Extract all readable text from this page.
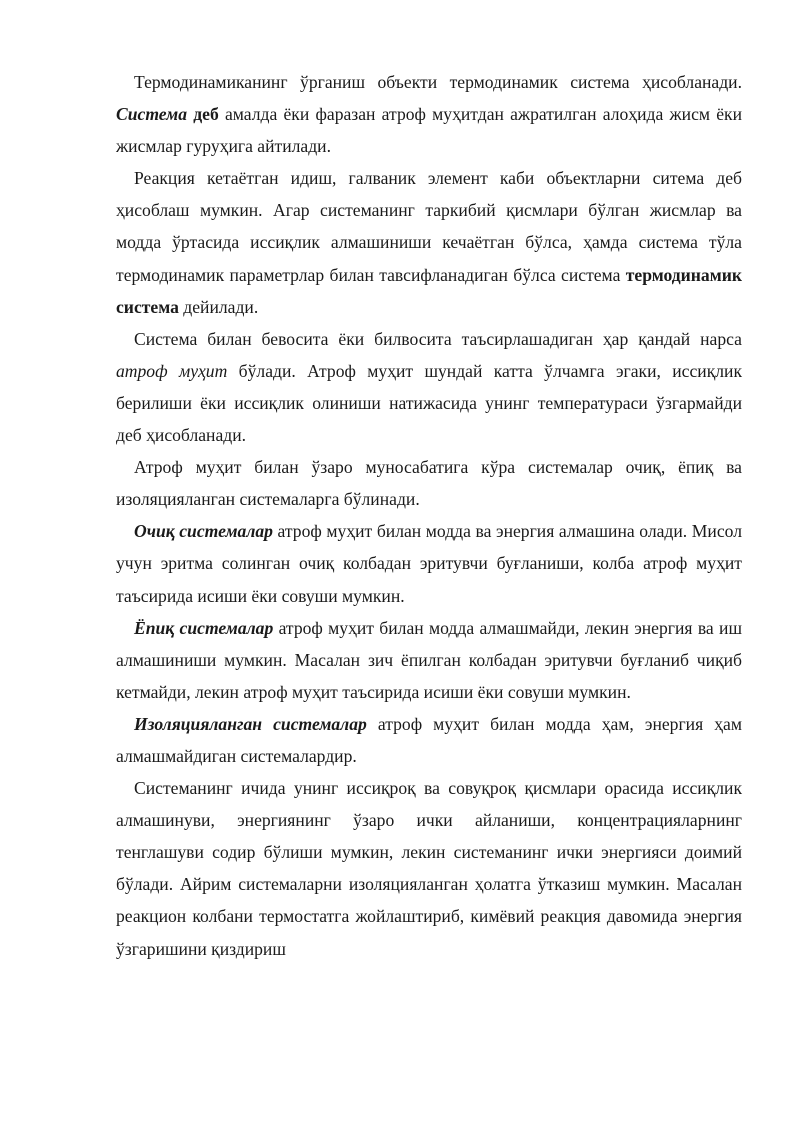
Термодинамиканинг ўрганиш объекти термодинамик система ҳисобланади. Система деб амалда ёки фаразан атроф муҳитдан ажратилган алоҳида жисм ёки жисмлар гуруҳига айтилади.

Реакция кетаётган идиш, галваник элемент каби объектларни ситема деб ҳисоблаш мумкин. Агар системанинг таркибий қисмлари бўлган жисмлар ва модда ўртасида иссиқлик алмашиниши кечаётган бўлса, ҳамда система тўла термодинамик параметрлар билан тавсифланадиган бўлса система термодинамик система дейилади.

Система билан бевосита ёки билвосита таъсирлашадиган ҳар қандай нарса атроф муҳит бўлади. Атроф муҳит шундай катта ўлчамга эгаки, иссиқлик берилиши ёки иссиқлик олиниши натижасида унинг температураси ўзгармайди деб ҳисобланади.

Атроф муҳит билан ўзаро муносабатига кўра системалар очиқ, ёпиқ ва изоляцияланган системаларга бўлинади.

Очиқ системалар атроф муҳит билан модда ва энергия алмашина олади. Мисол учун эритма солинган очиқ колбадан эритувчи буғланиши, колба атроф муҳит таъсирида исиши ёки совуши мумкин.

Ёпиқ системалар атроф муҳит билан модда алмашмайди, лекин энергия ва иш алмашиниши мумкин. Масалан зич ёпилган колбадан эритувчи буғланиб чиқиб кетмайди, лекин атроф муҳит таъсирида исиши ёки совуши мумкин.

Изоляцияланган системалар атроф муҳит билан модда ҳам, энергия ҳам алмашмайдиган системалардир.

Системанинг ичида унинг иссиқроқ ва совуқроқ қисмлари орасида иссиқлик алмашинуви, энергиянинг ўзаро ички айланиши, концентрацияларнинг тенглашуви содир бўлиши мумкин, лекин системанинг ички энергияси доимий бўлади. Айрим системаларни изоляцияланган ҳолатга ўтказиш мумкин. Масалан реакцион колбани термостатга жойлаштириб, кимёвий реакция давомида энергия ўзгаришини қиздириш
